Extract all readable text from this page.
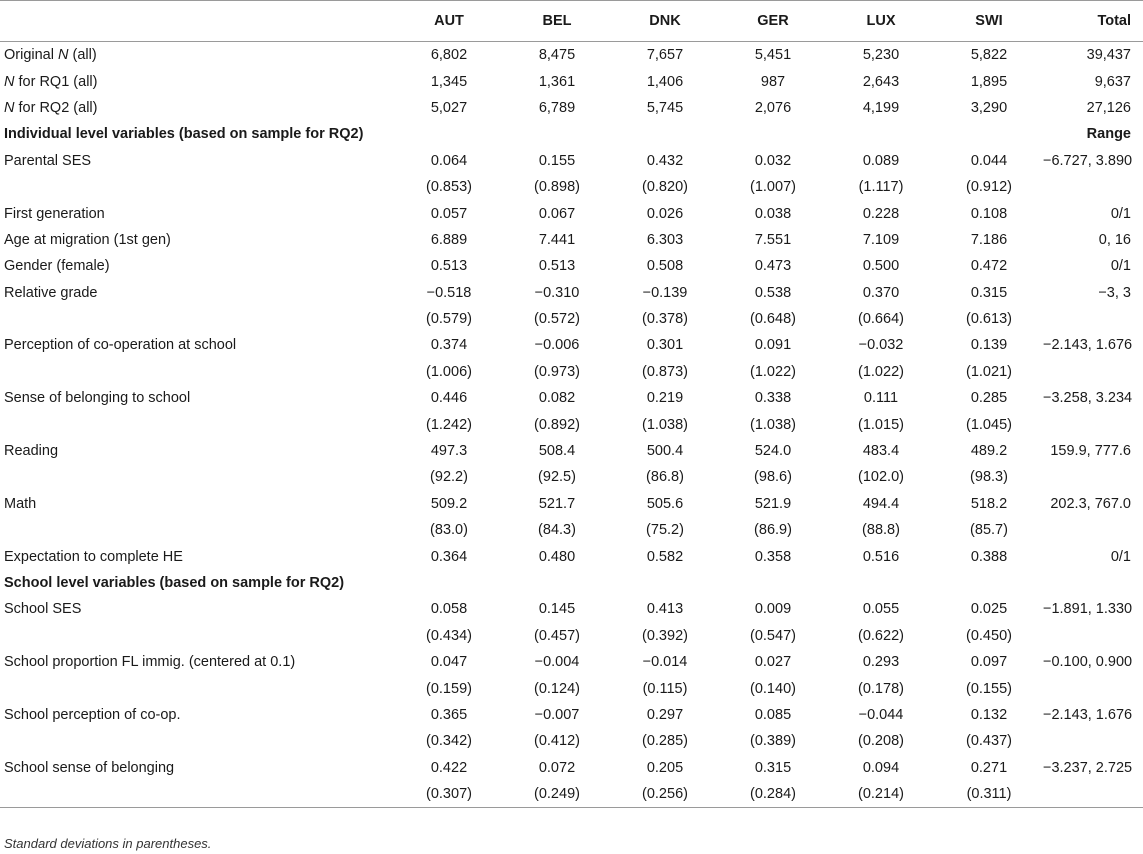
	AUT	BEL	DNK	GER	LUX	SWI	Total
Original N (all)	6,802	8,475	7,657	5,451	5,230	5,822	39,437
N for RQ1 (all)	1,345	1,361	1,406	987	2,643	1,895	9,637
N for RQ2 (all)	5,027	6,789	5,745	2,076	4,199	3,290	27,126
Individual level variables (based on sample for RQ2)							Range
Parental SES	0.064	0.155	0.432	0.032	0.089	0.044	−6.727, 3.890
	(0.853)	(0.898)	(0.820)	(1.007)	(1.117)	(0.912)	
First generation	0.057	0.067	0.026	0.038	0.228	0.108	0/1
Age at migration (1st gen)	6.889	7.441	6.303	7.551	7.109	7.186	0, 16
Gender (female)	0.513	0.513	0.508	0.473	0.500	0.472	0/1
Relative grade	−0.518	−0.310	−0.139	0.538	0.370	0.315	−3, 3
	(0.579)	(0.572)	(0.378)	(0.648)	(0.664)	(0.613)	
Perception of co-operation at school	0.374	−0.006	0.301	0.091	−0.032	0.139	−2.143, 1.676
	(1.006)	(0.973)	(0.873)	(1.022)	(1.022)	(1.021)	
Sense of belonging to school	0.446	0.082	0.219	0.338	0.111	0.285	−3.258, 3.234
	(1.242)	(0.892)	(1.038)	(1.038)	(1.015)	(1.045)	
Reading	497.3	508.4	500.4	524.0	483.4	489.2	159.9, 777.6
	(92.2)	(92.5)	(86.8)	(98.6)	(102.0)	(98.3)	
Math	509.2	521.7	505.6	521.9	494.4	518.2	202.3, 767.0
	(83.0)	(84.3)	(75.2)	(86.9)	(88.8)	(85.7)	
Expectation to complete HE	0.364	0.480	0.582	0.358	0.516	0.388	0/1
School level variables (based on sample for RQ2)							
School SES	0.058	0.145	0.413	0.009	0.055	0.025	−1.891, 1.330
	(0.434)	(0.457)	(0.392)	(0.547)	(0.622)	(0.450)	
School proportion FL immig. (centered at 0.1)	0.047	−0.004	−0.014	0.027	0.293	0.097	−0.100, 0.900
	(0.159)	(0.124)	(0.115)	(0.140)	(0.178)	(0.155)	
School perception of co-op.	0.365	−0.007	0.297	0.085	−0.044	0.132	−2.143, 1.676
	(0.342)	(0.412)	(0.285)	(0.389)	(0.208)	(0.437)	
School sense of belonging	0.422	0.072	0.205	0.315	0.094	0.271	−3.237, 2.725
	(0.307)	(0.249)	(0.256)	(0.284)	(0.214)	(0.311)	
Standard deviations in parentheses.
